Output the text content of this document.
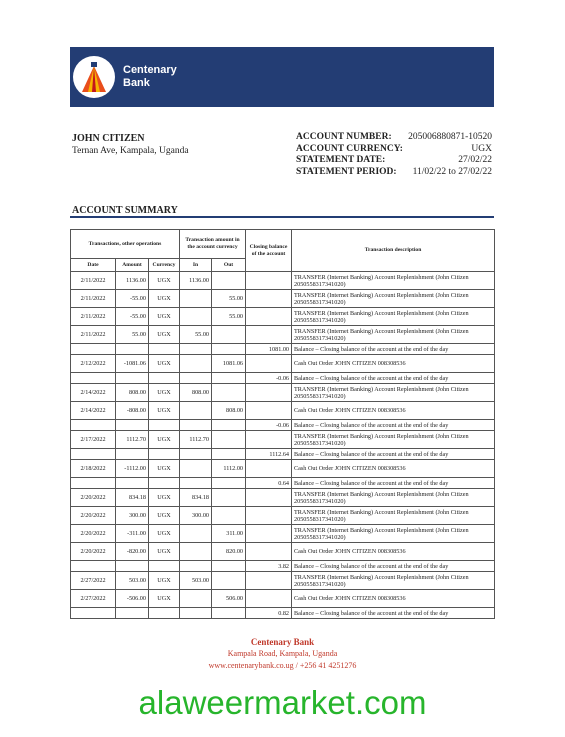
Centenary
Bank
JOHN CITIZEN
Ternan Ave, Kampala, Uganda
ACCOUNT NUMBER: 205006880871-10520
ACCOUNT CURRENCY:	UGX
STATEMENT DATE:	27/02/22
STATEMENT PERIOD: 11/02/22 to 27/02/22
ACCOUNT SUMMARY
Transactions, other operations			Transaction amount in the account currency		Closing balance of the account	Transaction description
Date	Amount	Currency	In	Out		
2/11/2022	1136.00	UGX	1136.00			TRANSFER (Internet Banking) Account Replenishment (John Citizen 2050558317341020)
2/11/2022	-55.00	UGX		55.00		TRANSFER (Internet Banking) Account Replenishment (John Citizen 2050558317341020)
2/11/2022	-55.00	UGX		55.00		TRANSFER (Internet Banking) Account Replenishment (John Citizen 2050558317341020)
2/11/2022	55.00	UGX	55.00			TRANSFER (Internet Banking) Account Replenishment (John Citizen 2050558317341020)
					1081.00	Balance – Closing balance of the account at the end of the day
2/12/2022	-1081.06	UGX		1081.06		Cash Out Order JOHN CITIZEN 008308536
					-0.06	Balance – Closing balance of the account at the end of the day
2/14/2022	808.00	UGX	808.00			TRANSFER (Internet Banking) Account Replenishment (John Citizen 2050558317341020)
2/14/2022	-808.00	UGX		808.00		Cash Out Order JOHN CITIZEN 008308536
					-0.06	Balance – Closing balance of the account at the end of the day
2/17/2022	1112.70	UGX	1112.70			TRANSFER (Internet Banking) Account Replenishment (John Citizen 2050558317341020)
					1112.64	Balance – Closing balance of the account at the end of the day
2/18/2022	-1112.00	UGX		1112.00		Cash Out Order JOHN CITIZEN 008308536
					0.64	Balance – Closing balance of the account at the end of the day
2/20/2022	834.18	UGX	834.18			TRANSFER (Internet Banking) Account Replenishment (John Citizen 2050558317341020)
2/20/2022	300.00	UGX	300.00			TRANSFER (Internet Banking) Account Replenishment (John Citizen 2050558317341020)
2/20/2022	-311.00	UGX		311.00		TRANSFER (Internet Banking) Account Replenishment (John Citizen 2050558317341020)
2/20/2022	-820.00	UGX		820.00		Cash Out Order JOHN CITIZEN 008308536
					3.82	Balance – Closing balance of the account at the end of the day
2/27/2022	503.00	UGX	503.00			TRANSFER (Internet Banking) Account Replenishment (John Citizen 2050558317341020)
2/27/2022	-506.00	UGX		506.00		Cash Out Order JOHN CITIZEN 008308536
					0.82	Balance – Closing balance of the account at the end of the day
Centenary Bank
Kampala Road, Kampala, Uganda
www.centenarybank.co.ug / +256 41 4251276
alaweermarket.com
